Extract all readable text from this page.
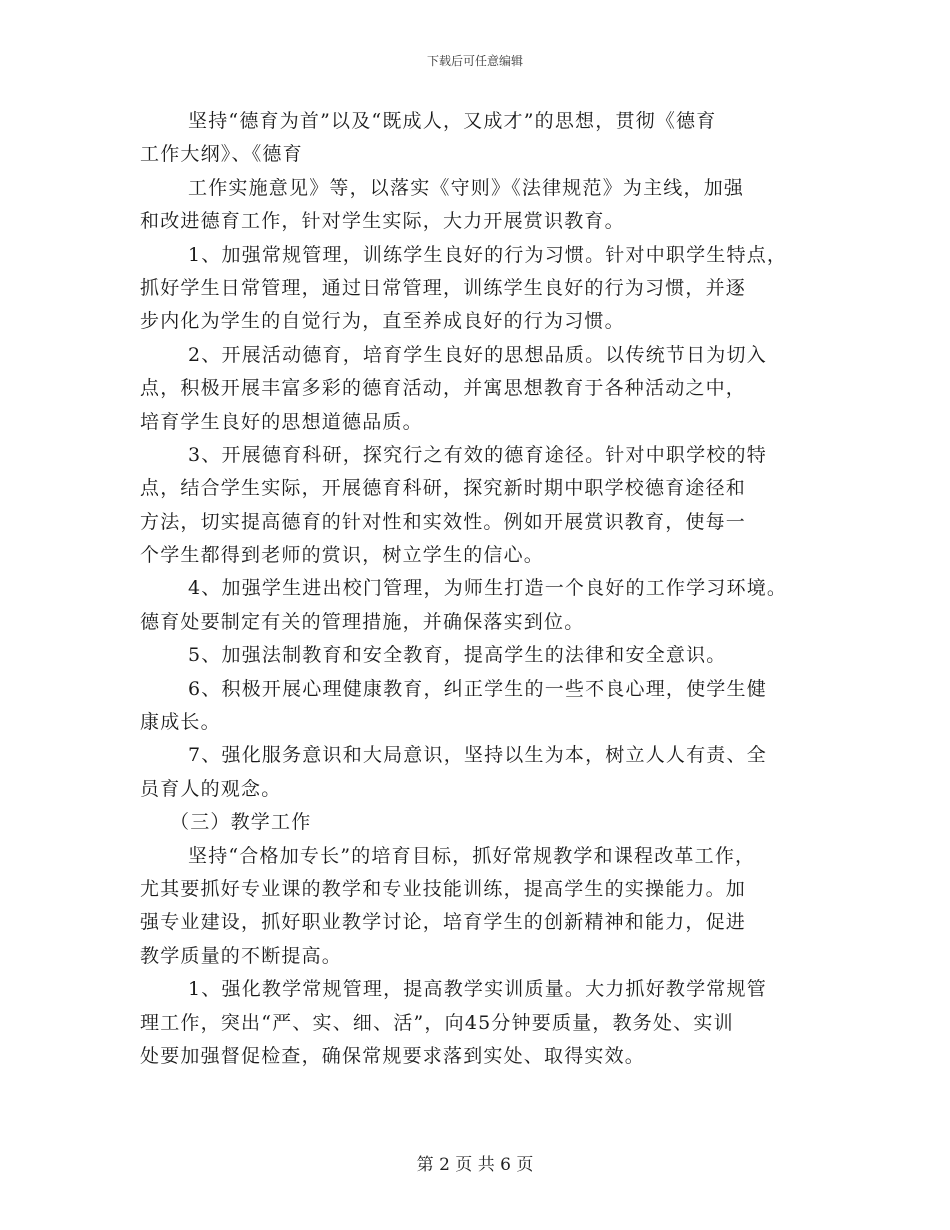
下载后可任意编辑
坚持“德育为首”以及“既成人，又成才”的思想，贯彻《德育
工作大纲》、《德育
工作实施意见》等，以落实《守则》《法律规范》为主线，加强
和改进德育工作，针对学生实际，大力开展赏识教育。
1、加强常规管理，训练学生良好的行为习惯。针对中职学生特点，
抓好学生日常管理，通过日常管理，训练学生良好的行为习惯，并逐
步内化为学生的自觉行为，直至养成良好的行为习惯。
2、开展活动德育，培育学生良好的思想品质。以传统节日为切入
点，积极开展丰富多彩的德育活动，并寓思想教育于各种活动之中，
培育学生良好的思想道德品质。
3、开展德育科研，探究行之有效的德育途径。针对中职学校的特
点，结合学生实际，开展德育科研，探究新时期中职学校德育途径和
方法，切实提高德育的针对性和实效性。例如开展赏识教育，使每一
个学生都得到老师的赏识，树立学生的信心。
4、加强学生进出校门管理，为师生打造一个良好的工作学习环境。
德育处要制定有关的管理措施，并确保落实到位。
5、加强法制教育和安全教育，提高学生的法律和安全意识。
6、积极开展心理健康教育，纠正学生的一些不良心理，使学生健
康成长。
7、强化服务意识和大局意识，坚持以生为本，树立人人有责、全
员育人的观念。
（三）教学工作
坚持“合格加专长”的培育目标，抓好常规教学和课程改革工作，
尤其要抓好专业课的教学和专业技能训练，提高学生的实操能力。加
强专业建设，抓好职业教学讨论，培育学生的创新精神和能力，促进
教学质量的不断提高。
1、强化教学常规管理，提高教学实训质量。大力抓好教学常规管
理工作，突出“严、实、细、活”，向45分钟要质量，教务处、实训
处要加强督促检查，确保常规要求落到实处、取得实效。
第 2 页 共 6 页
